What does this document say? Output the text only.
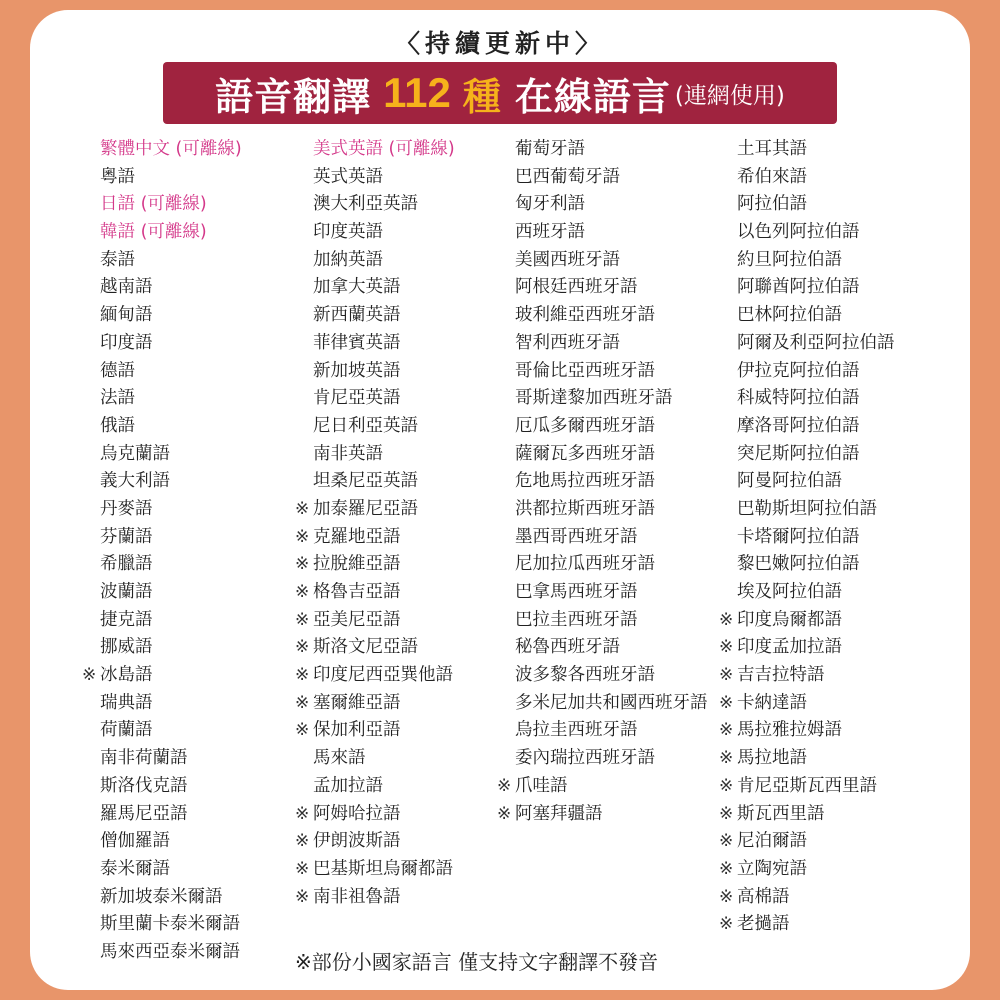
〈持續更新中〉
語音翻譯 112 種 在線語言 (連網使用)
繁體中文 (可離線)
粵語
日語 (可離線)
韓語 (可離線)
泰語
越南語
緬甸語
印度語
德語
法語
俄語
烏克蘭語
義大利語
丹麥語
芬蘭語
希臘語
波蘭語
捷克語
挪威語
※ 冰島語
瑞典語
荷蘭語
南非荷蘭語
斯洛伐克語
羅馬尼亞語
僧伽羅語
泰米爾語
新加坡泰米爾語
斯里蘭卡泰米爾語
馬來西亞泰米爾語
美式英語 (可離線)
英式英語
澳大利亞英語
印度英語
加納英語
加拿大英語
新西蘭英語
菲律賓英語
新加坡英語
肯尼亞英語
尼日利亞英語
南非英語
坦桑尼亞英語
※ 加泰羅尼亞語
※ 克羅地亞語
※ 拉脫維亞語
※ 格魯吉亞語
※ 亞美尼亞語
※ 斯洛文尼亞語
※ 印度尼西亞巽他語
※ 塞爾維亞語
※ 保加利亞語
馬來語
孟加拉語
※ 阿姆哈拉語
※ 伊朗波斯語
※ 巴基斯坦烏爾都語
※ 南非祖魯語
葡萄牙語
巴西葡萄牙語
匈牙利語
西班牙語
美國西班牙語
阿根廷西班牙語
玻利維亞西班牙語
智利西班牙語
哥倫比亞西班牙語
哥斯達黎加西班牙語
厄瓜多爾西班牙語
薩爾瓦多西班牙語
危地馬拉西班牙語
洪都拉斯西班牙語
墨西哥西班牙語
尼加拉瓜西班牙語
巴拿馬西班牙語
巴拉圭西班牙語
秘魯西班牙語
波多黎各西班牙語
多米尼加共和國西班牙語
烏拉圭西班牙語
委內瑞拉西班牙語
※ 爪哇語
※ 阿塞拜疆語
土耳其語
希伯來語
阿拉伯語
以色列阿拉伯語
約旦阿拉伯語
阿聯酋阿拉伯語
巴林阿拉伯語
阿爾及利亞阿拉伯語
伊拉克阿拉伯語
科威特阿拉伯語
摩洛哥阿拉伯語
突尼斯阿拉伯語
阿曼阿拉伯語
巴勒斯坦阿拉伯語
卡塔爾阿拉伯語
黎巴嫩阿拉伯語
埃及阿拉伯語
※ 印度烏爾都語
※ 印度孟加拉語
※ 吉吉拉特語
※ 卡納達語
※ 馬拉雅拉姆語
※ 馬拉地語
※ 肯尼亞斯瓦西里語
※ 斯瓦西里語
※ 尼泊爾語
※ 立陶宛語
※ 高棉語
※ 老撾語
※部份小國家語言 僅支持文字翻譯不發音
